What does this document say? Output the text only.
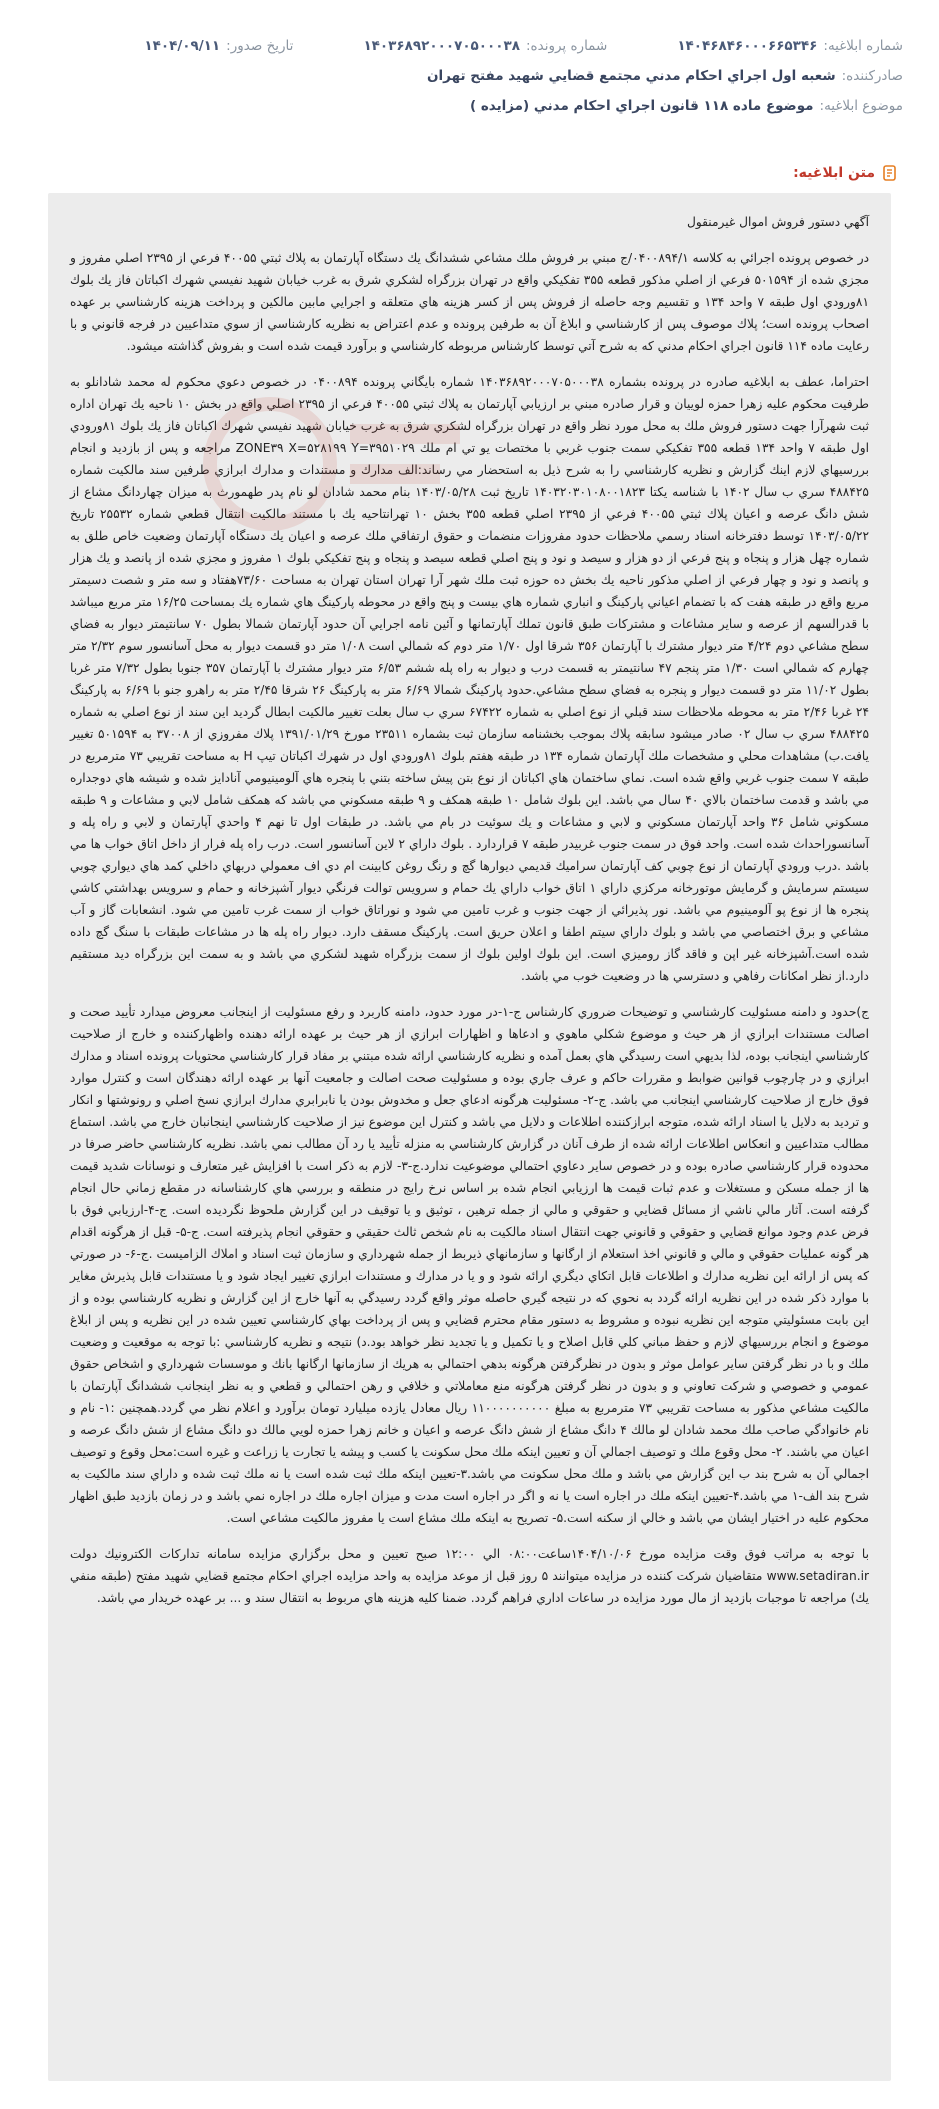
شماره ابلاغيه:
۱۴۰۴۶۸۴۶۰۰۰۶۶۵۳۴۶
شماره پرونده:
۱۴۰۳۶۸۹۲۰۰۰۷۰۵۰۰۰۳۸
تاريخ صدور:
۱۴۰۴/۰۹/۱۱
صادرکننده:
شعبه اول اجراي احكام مدني مجتمع قضايي شهيد مفتح تهران
موضوع ابلاغيه:
موضوع ماده ۱۱۸ قانون اجراي احكام مدني (مزايده )
متن ابلاغيه:

آگهي دستور فروش اموال غيرمنقول

در خصوص پرونده اجرائي به کلاسه ۰۴۰۰۸۹۴/۱/ج مبني بر فروش ملك مشاعي ششدانگ يك دستگاه آپارتمان به پلاك ثبتي ۴۰۰۵۵ فرعي از ۲۳۹۵ اصلي مفروز و مجزي شده از ۵۰۱۵۹۴ فرعي از اصلي مذكور قطعه ۳۵۵ تفكيكي واقع در تهران بزرگراه لشكري شرق به غرب خيابان شهيد نفيسي شهرك اكباتان فاز يك بلوك ۸۱ورودي اول طبقه ۷ واحد ۱۳۴ و تقسيم وجه حاصله از فروش پس از كسر هزينه هاي متعلقه و اجرايي مابين مالكين و پرداخت هزينه كارشناسي بر عهده اصحاب پرونده است؛ پلاك موصوف پس از كارشناسي و ابلاغ آن به طرفين پرونده و عدم اعتراض به نظريه كارشناسي از سوي متداعيين در فرجه قانوني و با رعايت ماده ۱۱۴ قانون اجراي احكام مدني كه به شرح آتي توسط كارشناس مربوطه كارشناسي و برآورد قيمت شده است و بفروش گذاشته ميشود.

احتراما، عطف به ابلاغيه صادره در پرونده بشماره ۱۴۰۳۶۸۹۲۰۰۰۷۰۵۰۰۰۳۸ شماره بايگاني پرونده ۰۴۰۰۸۹۴ در خصوص دعوي محكوم له محمد شادانلو به طرفيت محكوم عليه زهرا حمزه لوييان و قرار صادره مبني بر ارزيابي آپارتمان به پلاك ثبتي ۴۰۰۵۵ فرعي از ۲۳۹۵ اصلي واقع در بخش ۱۰ ناحيه يك تهران اداره ثبت شهرآرا جهت دستور فروش ملك به محل مورد نظر واقع در تهران بزرگراه لشكري شرق به غرب خيابان شهيد نفيسي شهرك اكباتان فاز يك بلوك ۸۱ورودي اول طبقه ۷ واحد ۱۳۴ قطعه ۳۵۵ تفكيكي سمت جنوب غربي با مختصات يو تي ام ملك ZONE۳۹ X=۵۲۸۱۹۹ Y=۳۹۵۱۰۲۹ مراجعه و پس از بازديد و انجام بررسيهاي لازم اينك گزارش و نظريه كارشناسي را به شرح ذيل به استحضار مي رساند:الف مدارك و مستندات و مدارك ابرازي طرفين سند مالكيت شماره ۴۸۸۴۲۵ سري ب سال ۱۴۰۲ با شناسه يكتا ۱۴۰۳۲۰۳۰۱۰۸۰۰۱۸۲۳ تاريخ ثبت ۱۴۰۳/۰۵/۲۸ بنام محمد شادان لو نام پدر طهمورث به ميزان چهاردانگ مشاع از شش دانگ عرصه و اعيان پلاك ثبتي ۴۰۰۵۵ فرعي از ۲۳۹۵ اصلي قطعه ۳۵۵ بخش ۱۰ تهرانتاحيه يك با مستند مالكيت انتقال قطعي شماره ۲۵۵۳۲ تاريخ ۱۴۰۳/۰۵/۲۲ توسط دفترخانه اسناد رسمي ملاحظات حدود مفروزات منضمات و حقوق ارتفاقي ملك عرصه و اعيان يك دستگاه آپارتمان وضعيت خاص طلق به شماره چهل هزار و پنجاه و پنج فرعي از دو هزار و سيصد و نود و پنج اصلي قطعه سيصد و پنجاه و پنج تفكيكي بلوك ۱ مفروز و مجزي شده از پانصد و يك هزار و پانصد و نود و چهار فرعي از اصلي مذكور ناحيه يك بخش ده حوزه ثبت ملك شهر آرا تهران استان تهران به مساحت ۷۳/۶۰هفتاد و سه متر و شصت دسيمتر مربع واقع در طبقه هفت كه با تضمام اعياني پاركينگ و انباري شماره هاي بيست و پنج واقع در محوطه پاركينگ هاي شماره يك بمساحت ۱۶/۲۵ متر مربع ميباشد با قدرالسهم از عرصه و ساير مشاعات و مشتركات طبق قانون تملك آپارتمانها و آئين نامه اجرايي آن حدود آپارتمان شمالا بطول ۷۰ سانتيمتر ديوار به فضاي سطح مشاعي دوم ۴/۲۴ متر ديوار مشترك با آپارتمان ۳۵۶ شرقا اول ۱/۷۰ متر دوم كه شمالي است ۱/۰۸ متر دو قسمت ديوار به محل آسانسور سوم ۲/۳۲ متر چهارم كه شمالي است ۱/۳۰ متر پنجم ۴۷ سانتيمتر به قسمت درب و ديوار به راه پله ششم ۶/۵۳ متر ديوار مشترك با آپارتمان ۳۵۷ جنوبا بطول ۷/۳۲ متر غربا بطول ۱۱/۰۲ متر دو قسمت ديوار و پنجره به فضاي سطح مشاعي.حدود پاركينگ شمالا ۶/۶۹ متر به پاركينگ ۲۶ شرقا ۲/۴۵ متر به راهرو جنو با ۶/۶۹ به پاركينگ ۲۴ غربا ۲/۴۶ متر به محوطه ملاحظات سند قبلي از نوع اصلي به شماره ۶۷۴۲۲ سري ب سال بعلت تغيير مالكيت ابطال گرديد اين سند از نوع اصلي به شماره ۴۸۸۴۲۵ سري ب سال ۰۲ صادر ميشود سابقه پلاك بموجب بخشنامه سازمان ثبت بشماره ۲۳۵۱۱ مورخ ۱۳۹۱/۰۱/۲۹ پلاك مفروزي از ۳۷۰۰۸ به ۵۰۱۵۹۴ تغيير يافت.ب) مشاهدات محلي و مشخصات ملك آپارتمان شماره ۱۳۴ در طبقه هفتم بلوك ۸۱ورودي اول در شهرك اكباتان تيپ H به مساحت تقريبي ۷۳ مترمربع در طبقه ۷ سمت جنوب غربي واقع شده است. نماي ساختمان هاي اكباتان از نوع بتن پيش ساخته بتني با پنجره هاي آلومينيومي آنادايز شده و شيشه هاي دوجداره مي باشد و قدمت ساختمان بالاي ۴۰ سال مي باشد. اين بلوك شامل ۱۰ طبقه همكف و ۹ طبقه مسكوني مي باشد كه همكف شامل لابي و مشاعات و ۹ طبقه مسكوني شامل ۳۶ واحد آپارتمان مسكوني و لابي و مشاعات و يك سوئيت در بام مي باشد. در طبقات اول تا نهم ۴ واحدي آپارتمان و لابي و راه پله و آسانسوراحداث شده است. واحد فوق در سمت جنوب غربيدر طبقه ۷ قراردارد . بلوك داراي ۲ لاين آسانسور است. درب راه پله فرار از داخل اتاق خواب ها مي باشد .درب ورودي آپارتمان از نوع چوبي كف آپارتمان سراميك قديمي ديوارها گچ و رنگ روغن كابينت ام دي اف معمولي دربهاي داخلي كمد هاي ديواري چوبي سيستم سرمايش و گرمايش موتورخانه مركزي داراي ۱ اتاق خواب داراي يك حمام و سرويس توالت فرنگي ديوار آشپزخانه و حمام و سرويس بهداشتي كاشي پنجره ها از نوع پو آلومينيوم مي باشد. نور پذيرائي از جهت جنوب و غرب تامين مي شود و نوراتاق خواب از سمت غرب تامين مي شود. انشعابات گاز و آب مشاعي و برق اختصاصي مي باشد و بلوك داراي سيتم اطفا و اعلان حريق است. پاركينگ مسقف دارد. ديوار راه پله ها در مشاعات طبقات با سنگ گچ داده شده است.آشپزخانه غير اپن و فاقد گاز روميزي است. اين بلوك اولين بلوك از سمت بزرگراه شهيد لشكري مي باشد و به سمت اين بزرگراه ديد مستقيم دارد.از نظر امكانات رفاهي و دسترسي ها در وضعيت خوب مي باشد.

ج)حدود و دامنه مسئوليت كارشناسي و توضيحات ضروري كارشناس ج-۱-در مورد حدود، دامنه كاربرد و رفع مسئوليت از اينجانب معروض ميدارد تأييد صحت و اصالت مستندات ابرازي از هر حيث و موضوع شكلي ماهوي و ادعاها و اظهارات ابرازي از هر حيث بر عهده ارائه دهنده واظهاركننده و خارج از صلاحيت كارشناسي اينجانب بوده، لذا بديهي است رسيدگي هاي بعمل آمده و نظريه كارشناسي ارائه شده مبتني بر مفاد قرار كارشناسي محتويات پرونده اسناد و مدارك ابرازي و در چارچوب قوانين ضوابط و مقررات حاكم و عرف جاري بوده و مسئوليت صحت اصالت و جامعيت آنها بر عهده ارائه دهندگان است و كنترل موارد فوق خارج از صلاحيت كارشناسي اينجانب مي باشد. ج-۲- مسئوليت هرگونه ادعاي جعل و مخدوش بودن يا نابرابري مدارك ابرازي نسخ اصلي و رونوشتها و انكار و ترديد به دلايل يا اسناد ارائه شده، متوجه ابرازكننده اطلاعات و دلايل مي باشد و كنترل اين موضوع نيز از صلاحيت كارشناسي اينجانبان خارج مي باشد. استماع مطالب متداعيين و انعكاس اطلاعات ارائه شده از طرف آنان در گزارش كارشناسي به منزله تأييد يا رد آن مطالب نمي باشد. نظريه كارشناسي حاضر صرفا در محدوده قرار كارشناسي صادره بوده و در خصوص ساير دعاوي احتمالي موضوعيت ندارد.ج-۳- لازم به ذكر است با افزايش غير متعارف و نوسانات شديد قيمت ها از جمله مسكن و مستغلات و عدم ثبات قيمت ها ارزيابي انجام شده بر اساس نرخ رايج در منطقه و بررسي هاي كارشناسانه در مقطع زماني حال انجام گرفته است. آثار مالي ناشي از مسائل قضايي و حقوقي و مالي از جمله ترهين ، توثيق و يا توقيف در اين گزارش ملحوظ نگرديده است. ج-۴-ارزيابي فوق با فرض عدم وجود موانع قضايي و حقوقي و قانوني جهت انتقال اسناد مالكيت به نام شخص ثالث حقيقي و حقوقي انجام پذيرفته است. ج-۵- قبل از هرگونه اقدام هر گونه عمليات حقوقي و مالي و قانوني اخذ استعلام از ارگانها و سازمانهاي ذيربط از جمله شهرداري و سازمان ثبت اسناد و املاك الزاميست .ج-۶- در صورتي كه پس از ارائه اين نظريه مدارك و اطلاعات قابل اتكاي ديگري ارائه شود و و يا در مدارك و مستندات ابرازي تغيير ايجاد شود و يا مستندات قابل پذيرش مغاير با موارد ذكر شده در اين نظريه ارائه گردد به نحوي كه در نتيجه گيري حاصله موثر واقع گردد رسيدگي به آنها خارج از اين گزارش و نظريه كارشناسي بوده و از اين بابت مسئوليتي متوجه اين نظريه نبوده و مشروط به دستور مقام محترم قضايي و پس از پرداخت بهاي كارشناسي تعيين شده در اين نظريه و پس از ابلاغ موضوع و انجام بررسيهاي لازم و حفظ مباني كلي قابل اصلاح و يا تكميل و يا تجديد نظر خواهد بود.د) نتيجه و نظريه كارشناسي :با توجه به موقعيت و وضعيت ملك و با در نظر گرفتن ساير عوامل موثر و بدون در نظرگرفتن هرگونه بدهي احتمالي به هريك از سازمانها ارگانها بانك و موسسات شهرداري و اشخاص حقوق عمومي و خصوصي و شركت تعاوني و و بدون در نظر گرفتن هرگونه منع معاملاتي و خلافي و رهن احتمالي و قطعي و به نظر اينجانب ششدانگ آپارتمان با مالكيت مشاعي مذكور به مساحت تقريبي ۷۳ مترمربع به مبلغ ۱۱۰۰۰۰۰۰۰۰۰۰ ريال معادل يازده ميليارد تومان برآورد و اعلام نظر مي گردد.همچنين :۱- نام و نام خانوادگي صاحب ملك محمد شادان لو مالك ۴ دانگ مشاع از شش دانگ عرصه و اعيان و خانم زهرا حمزه لويي مالك دو دانگ مشاع از شش دانگ عرصه و اعيان مي باشند. ۲- محل وقوع ملك و توصيف اجمالي آن و تعيين اينكه ملك محل سكونت يا كسب و پيشه يا تجارت يا زراعت و غيره است:محل وقوع و توصيف اجمالي آن به شرح بند ب اين گزارش مي باشد و ملك محل سكونت مي باشد.۳-تعيين اينكه ملك ثبت شده است يا نه ملك ثبت شده و داراي سند مالكيت به شرح بند الف-۱ مي باشد.۴-تعيين اينكه ملك در اجاره است يا نه و اگر در اجاره است مدت و ميزان اجاره ملك در اجاره نمي باشد و در زمان بازديد طبق اظهار محكوم عليه در اختيار ايشان مي باشد و خالي از سكنه است.۵- تصريح به اينكه ملك مشاع است يا مفروز مالكيت مشاعي است.

با توجه به مراتب فوق وقت مزايده مورخ ۱۴۰۴/۱۰/۰۶ساعت۰۸:۰۰ الي ۱۲:۰۰ صبح تعيين و محل برگزاري مزايده سامانه تداركات الكترونيك دولت www.setadiran.ir متقاضيان شركت كننده در مزايده ميتوانند ۵ روز قبل از موعد مزايده به واحد مزايده اجراي احكام مجتمع قضايي شهيد مفتح (طبقه منفي يك) مراجعه تا موجبات بازديد از مال مورد مزايده در ساعات اداري فراهم گردد. ضمنا كليه هزينه هاي مربوط به انتقال سند و ... بر عهده خريدار مي باشد.
